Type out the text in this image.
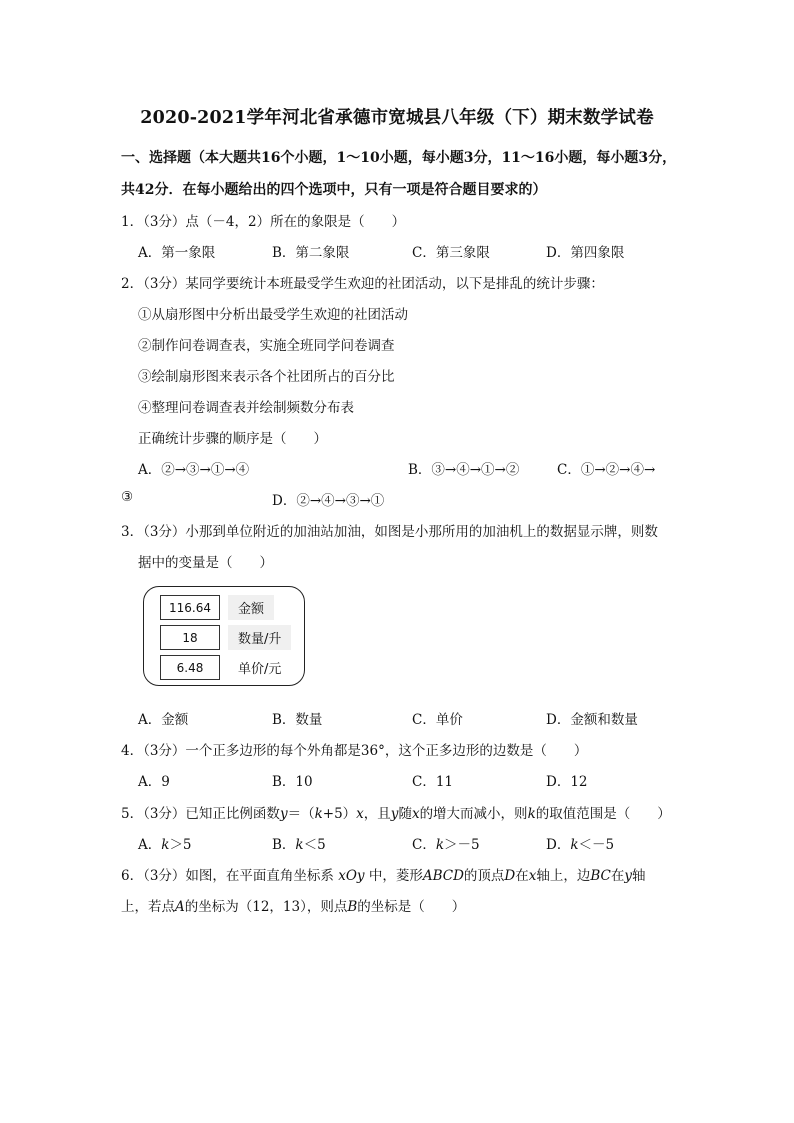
2020-2021学年河北省承德市宽城县八年级（下）期末数学试卷
一、选择题（本大题共16个小题，1～10小题，每小题3分，11～16小题，每小题3分，
共42分．在每小题给出的四个选项中，只有一项是符合题目要求的）
1．（3分）点（－4，2）所在的象限是（　　）
A．第一象限	B．第二象限	C．第三象限	D．第四象限
2．（3分）某同学要统计本班最受学生欢迎的社团活动，以下是排乱的统计步骤：
①从扇形图中分析出最受学生欢迎的社团活动
②制作问卷调查表，实施全班同学问卷调查
③绘制扇形图来表示各个社团所占的百分比
④整理问卷调查表并绘制频数分布表
正确统计步骤的顺序是（　　）
A．②→③→①→④	B．③→④→①→②	C．①→②→④→
③	D．②→④→③→①
3．（3分）小那到单位附近的加油站加油，如图是小那所用的加油机上的数据显示牌，则数
据中的变量是（　　）
116.64	金额
18	数量/升
6.48	单价/元
A．金额	B．数量	C．单价	D．金额和数量
4．（3分）一个正多边形的每个外角都是36°，这个正多边形的边数是（　　）
A．9	B．10	C．11	D．12
5．（3分）已知正比例函数y＝（k+5）x，且y随x的增大而减小，则k的取值范围是（　　）
A．k＞5	B．k＜5	C．k＞－5	D．k＜－5
6．（3分）如图，在平面直角坐标系 xOy 中，菱形ABCD的顶点D在x轴上，边BC在y轴
上，若点A的坐标为（12，13），则点B的坐标是（　　）
